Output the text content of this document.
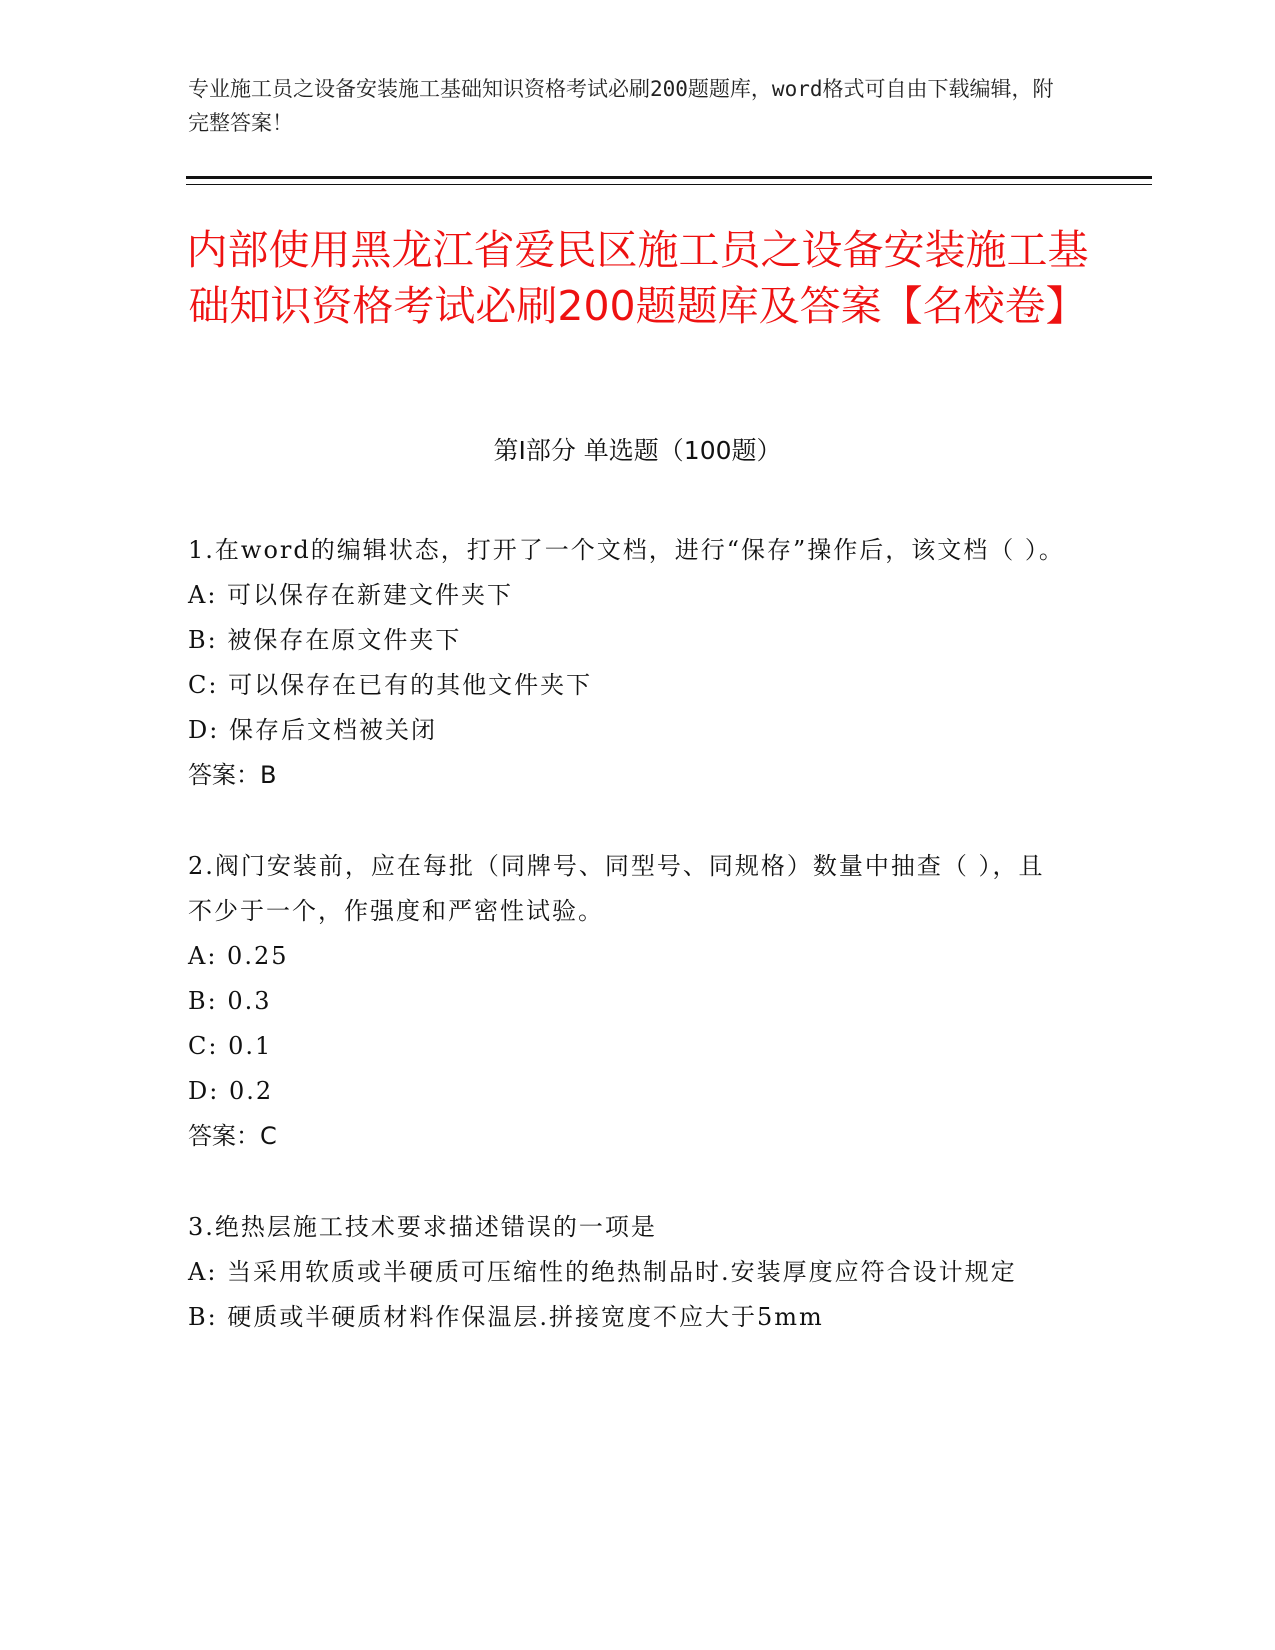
专业施工员之设备安装施工基础知识资格考试必刷200题题库，word格式可自由下载编辑，附完整答案！
内部使用黑龙江省爱民区施工员之设备安装施工基础知识资格考试必刷200题题库及答案【名校卷】
第I部分 单选题（100题）
1.在word的编辑状态，打开了一个文档，进行“保存”操作后，该文档（ ）。
A: 可以保存在新建文件夹下
B: 被保存在原文件夹下
C: 可以保存在已有的其他文件夹下
D: 保存后文档被关闭
答案：B
2.阀门安装前，应在每批（同牌号、同型号、同规格）数量中抽查（ ），且不少于一个，作强度和严密性试验。
A: 0.25
B: 0.3
C: 0.1
D: 0.2
答案：C
3.绝热层施工技术要求描述错误的一项是
A: 当采用软质或半硬质可压缩性的绝热制品时.安装厚度应符合设计规定
B: 硬质或半硬质材料作保温层.拼接宽度不应大于5mm
